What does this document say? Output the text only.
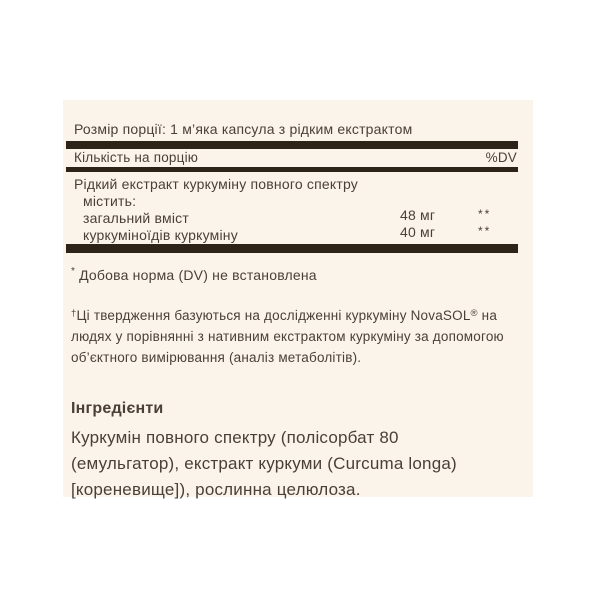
Розмір порції: 1 м’яка капсула з рідким екстрактом

Кількість на порцію	%DV
Рідкий екстракт куркуміну повного спектру
містить:
загальний вміст	48 мг	**
куркуміноїдів куркуміну	40 мг	**

* Добова норма (DV) не встановлена

†Ці твердження базуються на дослідженні куркуміну NovaSOL® на
людях у порівнянні з нативним екстрактом куркуміну за допомогою
об’єктного вимірювання (аналіз метаболітів).

Інгредієнти

Куркумін повного спектру (полісорбат 80
(емульгатор), екстракт куркуми (Curcuma longa)
[кореневище]), рослинна целюлоза.
